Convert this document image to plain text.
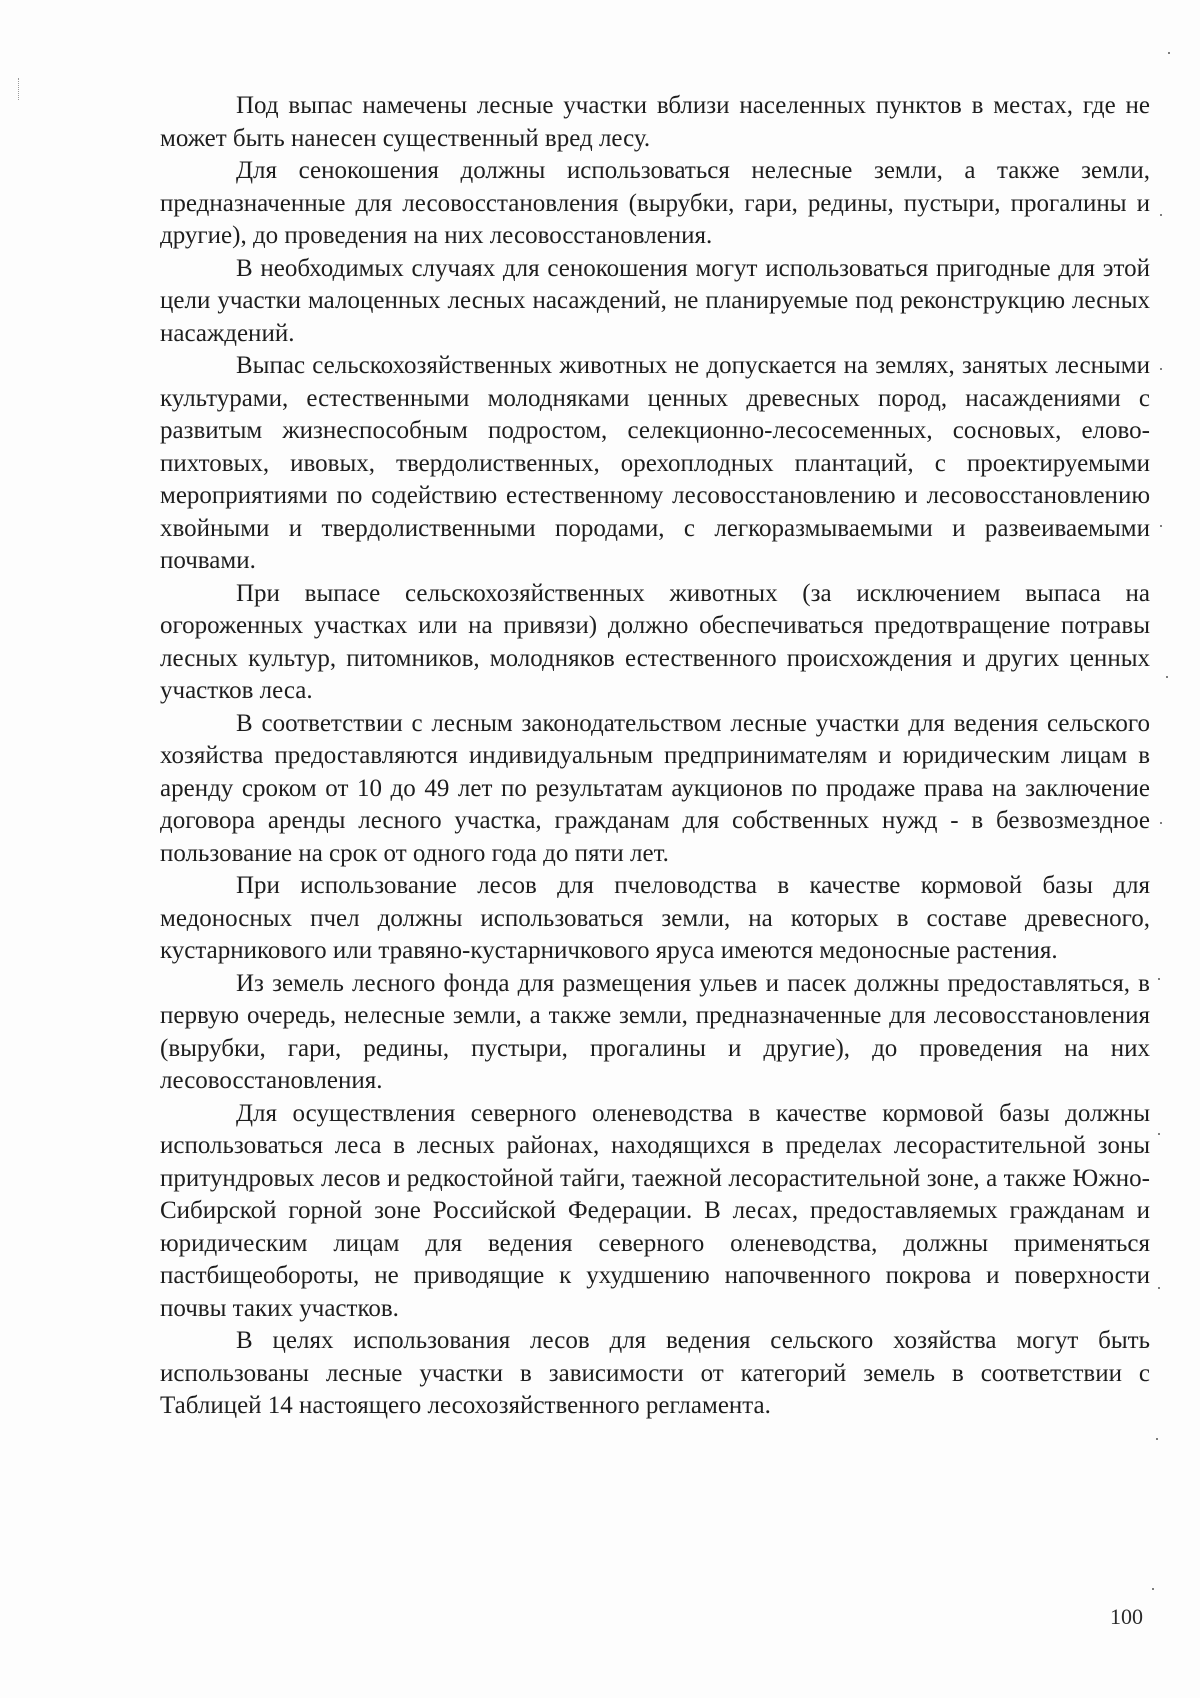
Под выпас намечены лесные участки вблизи населенных пунктов в местах, где не может быть нанесен существенный вред лесу.

Для сенокошения должны использоваться нелесные земли, а также земли, предназначенные для лесовосстановления (вырубки, гари, редины, пустыри, прогалины и другие), до проведения на них лесовосстановления.

В необходимых случаях для сенокошения могут использоваться пригодные для этой цели участки малоценных лесных насаждений, не планируемые под реконструкцию лесных насаждений.

Выпас сельскохозяйственных животных не допускается на землях, занятых лесными культурами, естественными молодняками ценных древесных пород, насаждениями с развитым жизнеспособным подростом, селекционно-лесосеменных, сосновых, елово-пихтовых, ивовых, твердолиственных, орехоплодных плантаций, с проектируемыми мероприятиями по содействию естественному лесовосстановлению и лесовосстановлению хвойными и твердолиственными породами, с легкоразмываемыми и развеиваемыми почвами.

При выпасе сельскохозяйственных животных (за исключением выпаса на огороженных участках или на привязи) должно обеспечиваться предотвращение потравы лесных культур, питомников, молодняков естественного происхождения и других ценных участков леса.

В соответствии с лесным законодательством лесные участки для ведения сельского хозяйства предоставляются индивидуальным предпринимателям и юридическим лицам в аренду сроком от 10 до 49 лет по результатам аукционов по продаже права на заключение договора аренды лесного участка, гражданам для собственных нужд - в безвозмездное пользование на срок от одного года до пяти лет.

При использование лесов для пчеловодства в качестве кормовой базы для медоносных пчел должны использоваться земли, на которых в составе древесного, кустарникового или травяно-кустарничкового яруса имеются медоносные растения.

Из земель лесного фонда для размещения ульев и пасек должны предоставляться, в первую очередь, нелесные земли, а также земли, предназначенные для лесовосстановления (вырубки, гари, редины, пустыри, прогалины и другие), до проведения на них лесовосстановления.

Для осуществления северного оленеводства в качестве кормовой базы должны использоваться леса в лесных районах, находящихся в пределах лесорастительной зоны притундровых лесов и редкостойной тайги, таежной лесорастительной зоне, а также Южно-Сибирской горной зоне Российской Федерации. В лесах, предоставляемых гражданам и юридическим лицам для ведения северного оленеводства, должны применяться пастбищеобороты, не приводящие к ухудшению напочвенного покрова и поверхности почвы таких участков.

В целях использования лесов для ведения сельского хозяйства могут быть использованы лесные участки в зависимости от категорий земель в соответствии с Таблицей 14 настоящего лесохозяйственного регламента.

100
